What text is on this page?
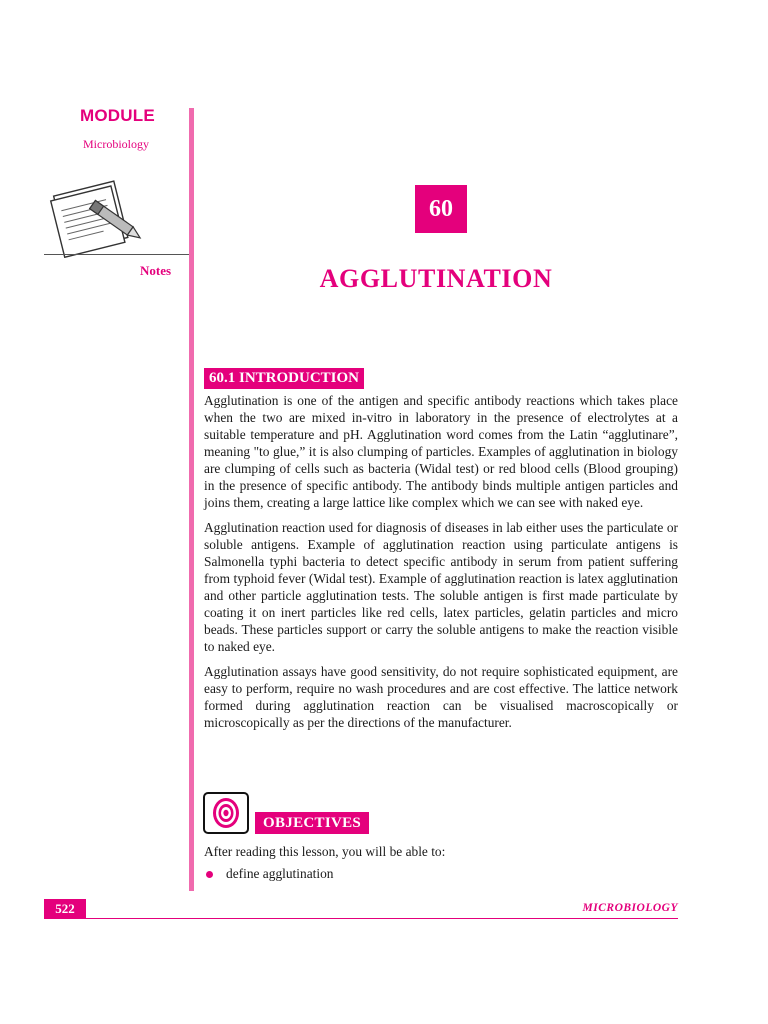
MODULE
Microbiology
Notes
60
AGGLUTINATION
60.1 INTRODUCTION

Agglutination is one of the antigen and specific antibody reactions which takes place when the two are mixed in-vitro in laboratory in the presence of electrolytes at a suitable temperature and pH. Agglutination word comes from the Latin “agglutinare”, meaning "to glue,” it is also clumping of particles. Examples of agglutination in biology are clumping of cells such as bacteria (Widal test) or red blood cells (Blood grouping) in the presence of specific antibody. The antibody binds multiple antigen particles and joins them, creating a large lattice like complex which we can see with naked eye.

Agglutination reaction used for diagnosis of diseases in lab either uses the particulate or soluble antigens. Example of agglutination reaction using particulate antigens is Salmonella typhi bacteria to detect specific antibody in serum from patient suffering from typhoid fever (Widal test). Example of agglutination reaction is latex agglutination and other particle agglutination tests. The soluble antigen is first made particulate by coating it on inert particles like red cells, latex particles, gelatin particles and micro beads. These particles support or carry the soluble antigens to make the reaction visible to naked eye.

Agglutination assays have good sensitivity, do not require sophisticated equipment, are easy to perform, require no wash procedures and are cost effective. The lattice network formed during agglutination reaction can be visualised macroscopically or microscopically as per the directions of the manufacturer.

OBJECTIVES
After reading this lesson, you will be able to:
define agglutination
522	MICROBIOLOGY
